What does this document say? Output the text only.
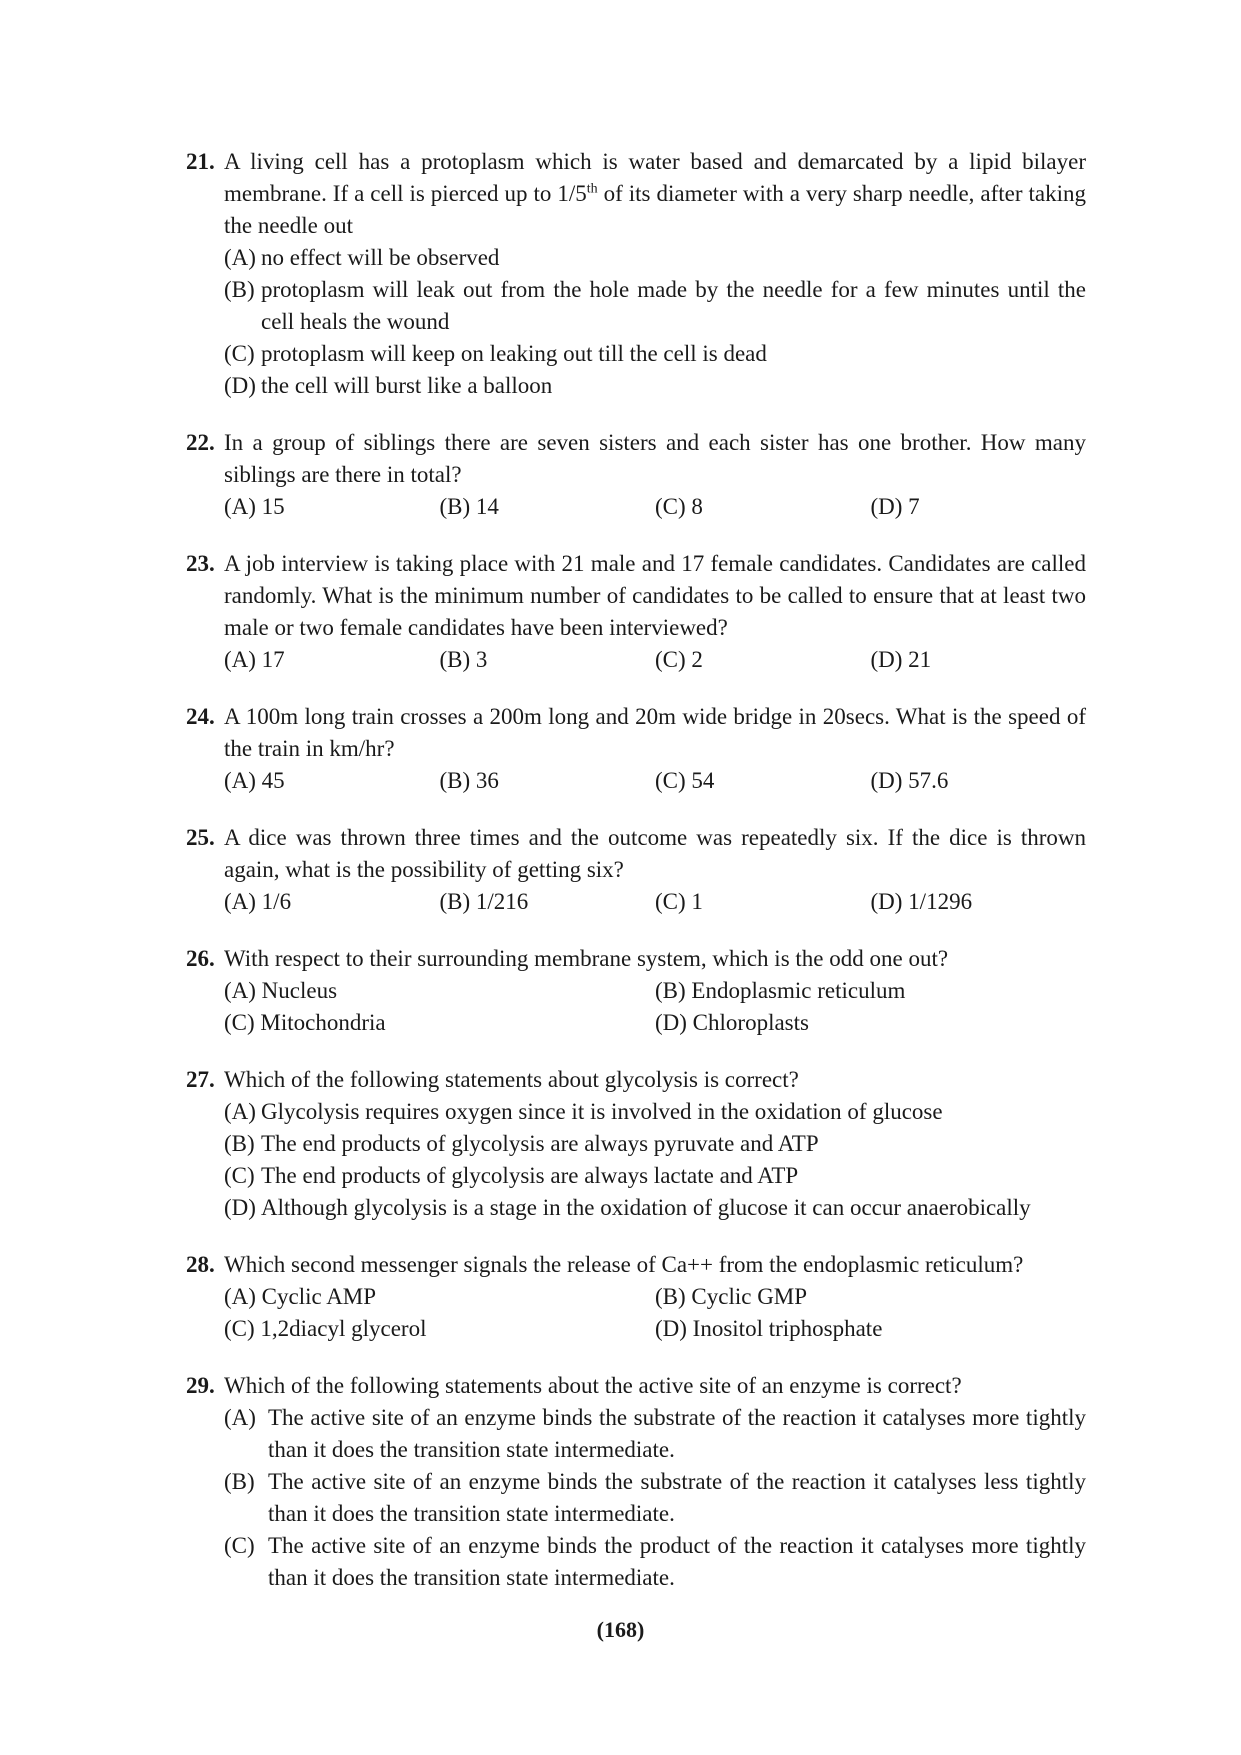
21. A living cell has a protoplasm which is water based and demarcated by a lipid bilayer membrane. If a cell is pierced up to 1/5th of its diameter with a very sharp needle, after taking the needle out
(A) no effect will be observed
(B) protoplasm will leak out from the hole made by the needle for a few minutes until the cell heals the wound
(C) protoplasm will keep on leaking out till the cell is dead
(D) the cell will burst like a balloon
22. In a group of siblings there are seven sisters and each sister has one brother. How many siblings are there in total?
(A) 15	(B) 14	(C) 8	(D) 7
23. A job interview is taking place with 21 male and 17 female candidates. Candidates are called randomly. What is the minimum number of candidates to be called to ensure that at least two male or two female candidates have been interviewed?
(A) 17	(B) 3	(C) 2	(D) 21
24. A 100m long train crosses a 200m long and 20m wide bridge in 20secs. What is the speed of the train in km/hr?
(A) 45	(B) 36	(C) 54	(D) 57.6
25. A dice was thrown three times and the outcome was repeatedly six. If the dice is thrown again, what is the possibility of getting six?
(A) 1/6	(B) 1/216	(C) 1	(D) 1/1296
26. With respect to their surrounding membrane system, which is the odd one out?
(A) Nucleus	(B) Endoplasmic reticulum
(C) Mitochondria	(D) Chloroplasts
27. Which of the following statements about glycolysis is correct?
(A) Glycolysis requires oxygen since it is involved in the oxidation of glucose
(B) The end products of glycolysis are always pyruvate and ATP
(C) The end products of glycolysis are always lactate and ATP
(D) Although glycolysis is a stage in the oxidation of glucose it can occur anaerobically
28. Which second messenger signals the release of Ca++ from the endoplasmic reticulum?
(A) Cyclic AMP	(B) Cyclic GMP
(C) 1,2diacyl glycerol	(D) Inositol triphosphate
29. Which of the following statements about the active site of an enzyme is correct?
(A) The active site of an enzyme binds the substrate of the reaction it catalyses more tightly than it does the transition state intermediate.
(B) The active site of an enzyme binds the substrate of the reaction it catalyses less tightly than it does the transition state intermediate.
(C) The active site of an enzyme binds the product of the reaction it catalyses more tightly than it does the transition state intermediate.
(168)
